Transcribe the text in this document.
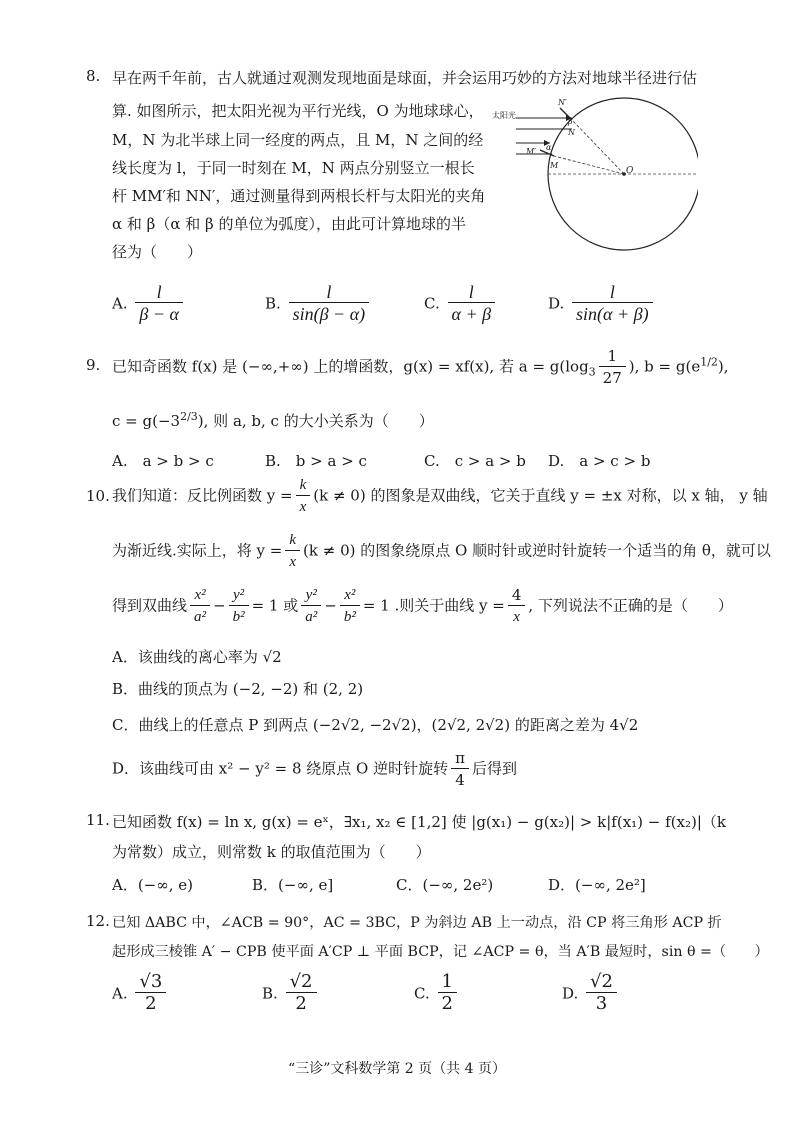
8. 早在两千年前，古人就通过观测发现地面是球面，并会运用巧妙的方法对地球半径进行估
算. 如图所示，把太阳光视为平行光线，O 为地球球心，
M，N 为北半球上同一经度的两点，且 M，N 之间的经
线长度为 l，于同一时刻在 M，N 两点分别竖立一根长
杆 MM′和 NN′，通过测量得到两根长杆与太阳光的夹角
α 和 β（α 和 β 的单位为弧度），由此可计算地球的半
径为（　　）
太阳光
O
N
N′
M
M′
β
α
A. $\frac{l}{\beta - \alpha}$	B. $\frac{l}{\sin(\beta - \alpha)}$	C. $\frac{l}{\alpha + \beta}$	D. $\frac{l}{\sin(\alpha + \beta)}$
9. 已知奇函数 f(x) 是 (−∞,+∞) 上的增函数，g(x) = xf(x), 若 $a = g(\log_3 \frac{1}{27}$ ), $b = g(e^{1/2})$,
$c = g(-3^{2/3})$, 则 a, b, c 的大小关系为（　　）
A.　a > b > c	B.　b > a > c	C.　c > a > b D.　a > c > b
10. 我们知道：反比例函数 $y = \frac{k}{x} (k \ne 0)$ 的图象是双曲线，它关于直线 y = ±x 对称，以 x 轴， y 轴
为渐近线.实际上，将 $y = \frac{k}{x} (k \ne 0)$ 的图象绕原点 O 顺时针或逆时针旋转一个适当的角 θ，就可以
得到双曲线 $\frac{\text{x²}}{\text{a²}} - \frac{\text{y²}}{\text{b²}} = 1$ 或 $\frac{\text{y²}}{\text{a²}} - \frac{\text{x²}}{\text{b²}} = 1$ .则关于曲线 $y = \frac{4}{x}$ , 下列说法不正确的是（　　）
A．该曲线的离心率为 √2
B．曲线的顶点为 (−2, −2) 和 (2, 2)
C．曲线上的任意点 P 到两点 (−2√2, −2√2)，(2√2, 2√2) 的距离之差为 4√2
D．该曲线可由 x² − y² = 8 绕原点 O 逆时针旋转 $\frac{\pi}{4}$ 后得到
11. 已知函数 f(x) = ln x, g(x) = eˣ，∃x₁, x₂ ∈ [1,2] 使 |g(x₁) − g(x₂)| > k|f(x₁) − f(x₂)|（k
为常数）成立，则常数 k 的取值范围为（　　）
A．(−∞, e)	B．(−∞, e]	C．(−∞, 2e²)	D．(−∞, 2e²]
12. 已知 ΔABC 中，∠ACB = 90°，AC = 3BC，P 为斜边 AB 上一动点，沿 CP 将三角形 ACP 折
起形成三棱锥 A′ − CPB 使平面 A′CP ⊥ 平面 BCP，记 ∠ACP = θ，当 A′B 最短时，sin θ =（　　）
A. $\frac{√3}{2}$	B. $\frac{√2}{2}$	C. $\frac{1}{2}$	D. $\frac{√2}{3}$
“三诊”文科数学第 2 页（共 4 页）
